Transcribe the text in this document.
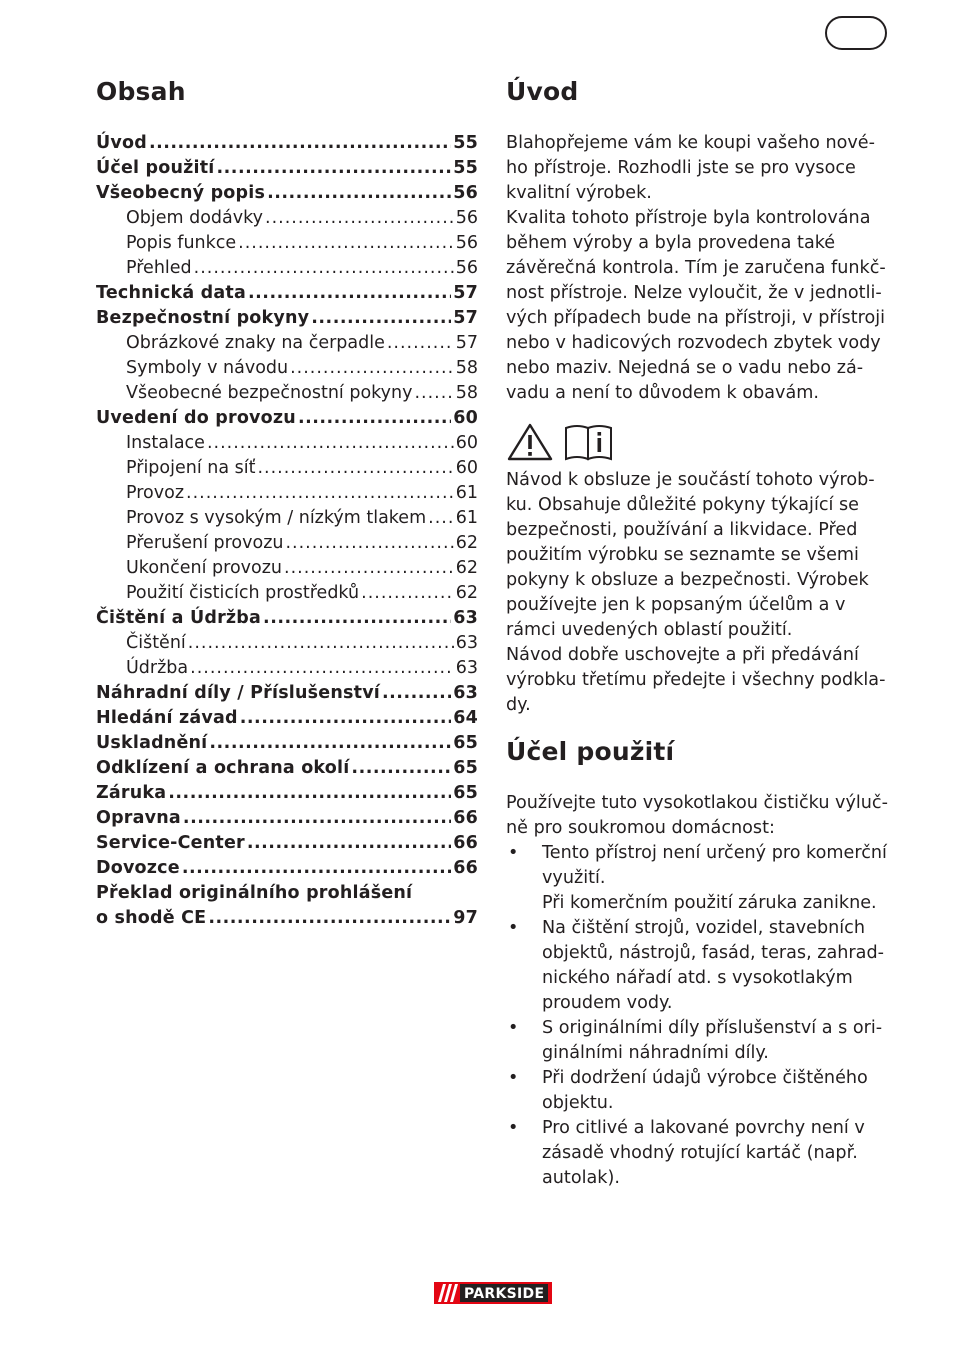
Obsah
Úvod .....	55
Účel použití .....	55
Všeobecný popis .....	56
Objem dodávky .....	56
Popis funkce .....	56
Přehled .....	56
Technická data .....	57
Bezpečnostní pokyny .....	57
Obrázkové znaky na čerpadle .....	57
Symboly v návodu .....	58
Všeobecné bezpečnostní pokyny ..... 58
Uvedení do provozu .....	60
Instalace .....	60
Připojení na síť .....	60
Provoz .....	61
Provoz s vysokým / nízkým tlakem ..... 61
Přerušení provozu .....	62
Ukončení provozu .....	62
Použití čisticích prostředků .....	62
Čištění a Údržba .....	63
Čištění .....	63
Údržba .....	63
Náhradní díly / Příslušenství .....	63
Hledání závad .....	64
Uskladnění .....	65
Odklízení a ochrana okolí .....	65
Záruka .....	65
Opravna .....	66
Service-Center .....	66
Dovozce .....	66
Překlad originálního prohlášení
o shodě CE .....	97
Úvod

Blahopřejeme vám ke koupi vašeho nové-

ho přístroje. Rozhodli jste se pro vysoce

kvalitní výrobek.

Kvalita tohoto přístroje byla kontrolována

během výroby a byla provedena také

závěrečná kontrola. Tím je zaručena funkč-

nost přístroje. Nelze vyloučit, že v jednotli-

vých případech bude na přístroji, v přístroji

nebo v hadicových rozvodech zbytek vody

nebo maziv. Nejedná se o vadu nebo zá-

vadu a není to důvodem k obavám.

Návod k obsluze je součástí tohoto výrob-

ku. Obsahuje důležité pokyny týkající se

bezpečnosti, používání a likvidace. Před

použitím výrobku se seznamte se všemi

pokyny k obsluze a bezpečnosti. Výrobek

používejte jen k popsaným účelům a v

rámci uvedených oblastí použití.

Návod dobře uschovejte a při předávání

výrobku třetímu předejte i všechny podkla-

dy.

Účel použití

Používejte tuto vysokotlakou čističku výluč-

ně pro soukromou domácnost:

• Tento přístroj není určený pro komerční
využití.
Při komerčním použití záruka zanikne.
• Na čištění strojů, vozidel, stavebních
objektů, nástrojů, fasád, teras, zahrad-
nického nářadí atd. s vysokotlakým
proudem vody.
• S originálními díly příslušenství a s ori-
ginálními náhradními díly.
• Při dodržení údajů výrobce čištěného
objektu.
• Pro citlivé a lakované povrchy není v
zásadě vhodný rotující kartáč (např.
autolak).
PARKSIDE
